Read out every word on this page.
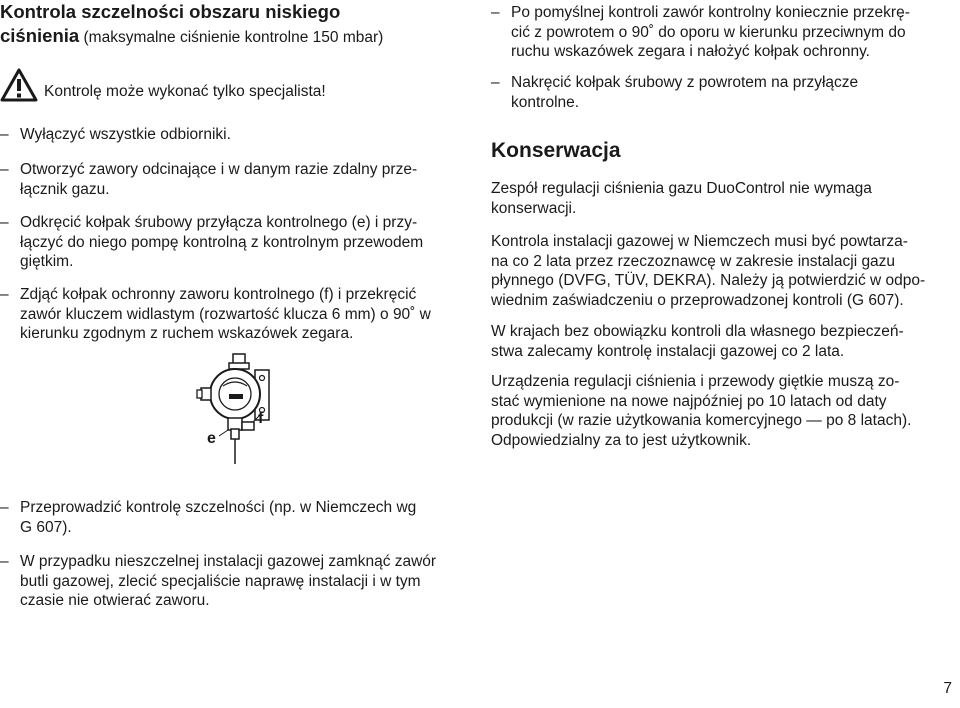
Kontrola szczelności obszaru niskiego
ciśnienia (maksymalne ciśnienie kontrolne 150 mbar)
Kontrolę może wykonać tylko specjalista!

– Wyłączyć wszystkie odbiorniki.

– Otworzyć zawory odcinające i w danym razie zdalny prze-
łącznik gazu.

– Odkręcić kołpak śrubowy przyłącza kontrolnego (e) i przy-
łączyć do niego pompę kontrolną z kontrolnym przewodem
giętkim.

– Zdjąć kołpak ochronny zaworu kontrolnego (f) i przekręcić
zawór kluczem widlastym (rozwartość klucza 6 mm) o 90˚ w
kierunku zgodnym z ruchem wskazówek zegara.

e
f

– Przeprowadzić kontrolę szczelności (np. w Niemczech wg
G 607).

– W przypadku nieszczelnej instalacji gazowej zamknąć zawór
butli gazowej, zlecić specjaliście naprawę instalacji i w tym
czasie nie otwierać zaworu.

– Po pomyślnej kontroli zawór kontrolny koniecznie przekrę-
cić z powrotem o 90˚ do oporu w kierunku przeciwnym do
ruchu wskazówek zegara i nałożyć kołpak ochronny.

– Nakręcić kołpak śrubowy z powrotem na przyłącze
kontrolne.

Konserwacja

Zespół regulacji ciśnienia gazu DuoControl nie wymaga
konserwacji.

Kontrola instalacji gazowej w Niemczech musi być powtarza-
na co 2 lata przez rzeczoznawcę w zakresie instalacji gazu
płynnego (DVFG, TÜV, DEKRA). Należy ją potwierdzić w odpo-
wiednim zaświadczeniu o przeprowadzonej kontroli (G 607).

W krajach bez obowiązku kontroli dla własnego bezpieczeń-
stwa zalecamy kontrolę instalacji gazowej co 2 lata.

Urządzenia regulacji ciśnienia i przewody giętkie muszą zo-
stać wymienione na nowe najpóźniej po 10 latach od daty
produkcji (w razie użytkowania komercyjnego — po 8 latach).
Odpowiedzialny za to jest użytkownik.

7
